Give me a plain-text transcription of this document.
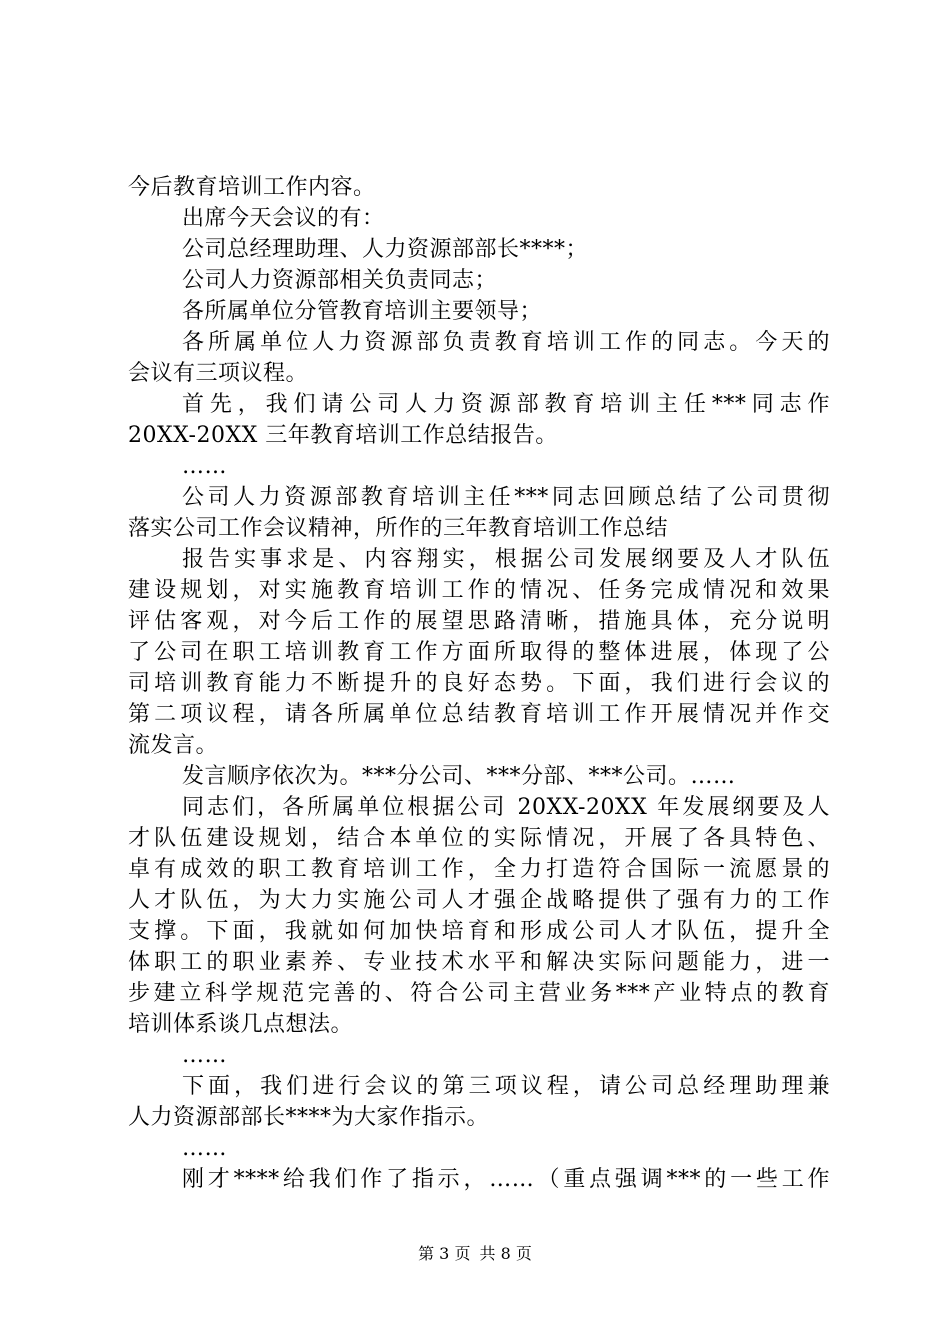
今后教育培训工作内容。
出席今天会议的有：
公司总经理助理、人力资源部部长****；
公司人力资源部相关负责同志；
各所属单位分管教育培训主要领导；
各所属单位人力资源部负责教育培训工作的同志。今天的
会议有三项议程。
首先，我们请公司人力资源部教育培训主任***同志作
20XX-20XX 三年教育培训工作总结报告。
……
公司人力资源部教育培训主任***同志回顾总结了公司贯彻
落实公司工作会议精神，所作的三年教育培训工作总结
报告实事求是、内容翔实，根据公司发展纲要及人才队伍
建设规划，对实施教育培训工作的情况、任务完成情况和效果
评估客观，对今后工作的展望思路清晰，措施具体，充分说明
了公司在职工培训教育工作方面所取得的整体进展，体现了公
司培训教育能力不断提升的良好态势。下面，我们进行会议的
第二项议程，请各所属单位总结教育培训工作开展情况并作交
流发言。
发言顺序依次为。***分公司、***分部、***公司。……
同志们，各所属单位根据公司 20XX-20XX 年发展纲要及人
才队伍建设规划，结合本单位的实际情况，开展了各具特色、
卓有成效的职工教育培训工作，全力打造符合国际一流愿景的
人才队伍，为大力实施公司人才强企战略提供了强有力的工作
支撑。下面，我就如何加快培育和形成公司人才队伍，提升全
体职工的职业素养、专业技术水平和解决实际问题能力，进一
步建立科学规范完善的、符合公司主营业务***产业特点的教育
培训体系谈几点想法。
……
下面，我们进行会议的第三项议程，请公司总经理助理兼
人力资源部部长****为大家作指示。
……
刚才****给我们作了指示，……（重点强调***的一些工作
第 3 页 共 8 页
